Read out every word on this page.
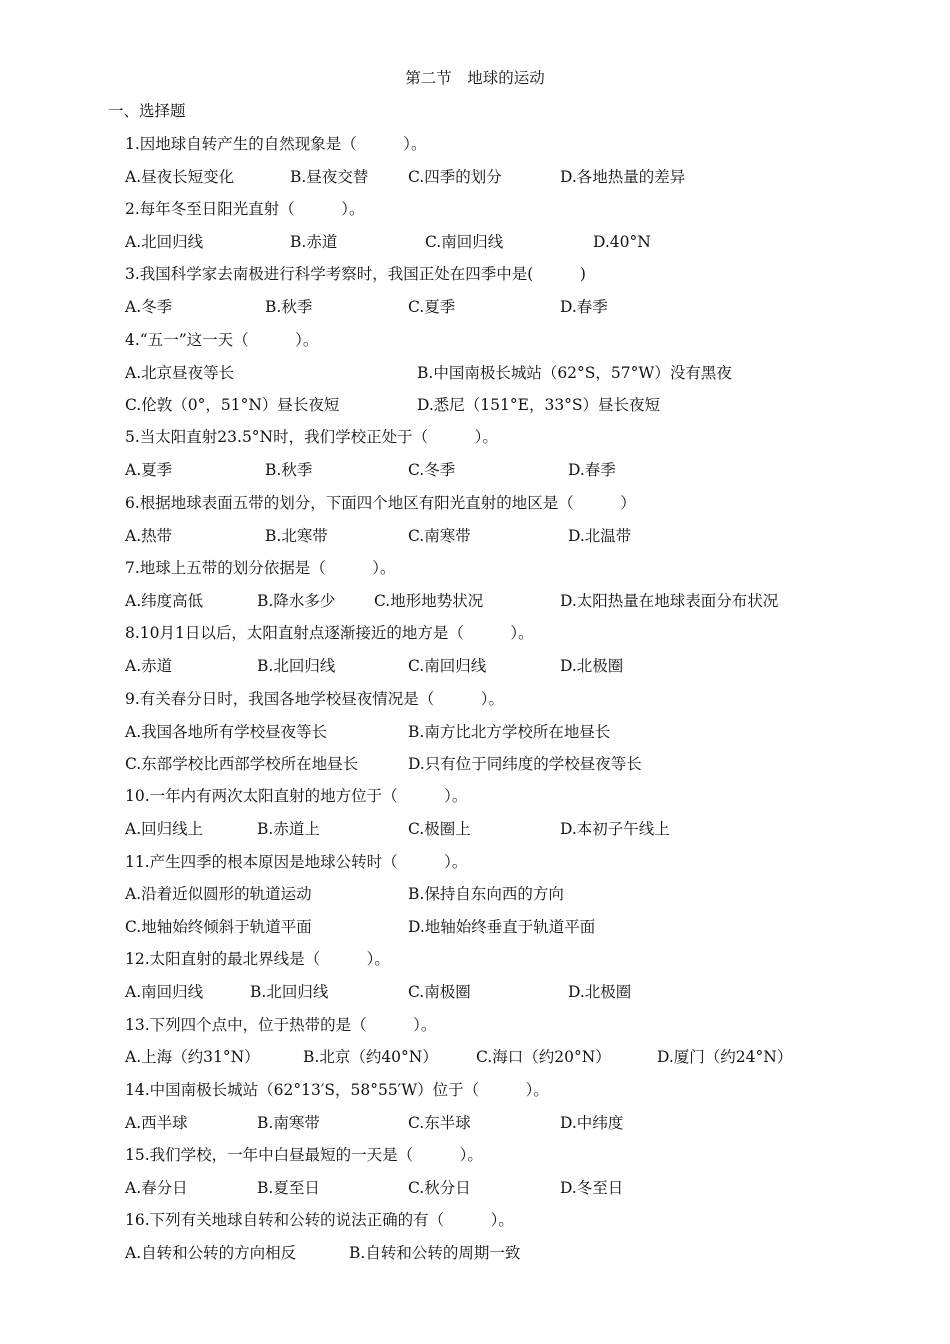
第二节　地球的运动
一、选择题
1.因地球自转产生的自然现象是（　　　）。
A.昼夜长短变化	B.昼夜交替	C.四季的划分	D.各地热量的差异
2.每年冬至日阳光直射（　　　）。
A.北回归线	B.赤道	C.南回归线	D.40°N
3.我国科学家去南极进行科学考察时，我国正处在四季中是(　　　)
A.冬季	B.秋季	C.夏季	D.春季
4.“五一”这一天（　　　）。
A.北京昼夜等长	B.中国南极长城站（62°S，57°W）没有黑夜
C.伦敦（0°，51°N）昼长夜短	D.悉尼（151°E，33°S）昼长夜短
5.当太阳直射23.5°N时，我们学校正处于（　　　）。
A.夏季	B.秋季	C.冬季	D.春季
6.根据地球表面五带的划分，下面四个地区有阳光直射的地区是（　　　）
A.热带	B.北寒带	C.南寒带	D.北温带
7.地球上五带的划分依据是（　　　）。
A.纬度高低	B.降水多少 C.地形地势状况	D.太阳热量在地球表面分布状况
8.10月1日以后，太阳直射点逐渐接近的地方是（　　　）。
A.赤道	B.北回归线	C.南回归线	D.北极圈
9.有关春分日时，我国各地学校昼夜情况是（　　　）。
A.我国各地所有学校昼夜等长	B.南方比北方学校所在地昼长
C.东部学校比西部学校所在地昼长	D.只有位于同纬度的学校昼夜等长
10.一年内有两次太阳直射的地方位于（　　　）。
A.回归线上	B.赤道上	C.极圈上	D.本初子午线上
11.产生四季的根本原因是地球公转时（　　　）。
A.沿着近似圆形的轨道运动	B.保持自东向西的方向
C.地轴始终倾斜于轨道平面	D.地轴始终垂直于轨道平面
12.太阳直射的最北界线是（　　　）。
A.南回归线	B.北回归线	C.南极圈	D.北极圈
13.下列四个点中，位于热带的是（　　　）。
A.上海（约31°N）	B.北京（约40°N） C.海口（约20°N）	D.厦门（约24°N）
14.中国南极长城站（62°13′S，58°55′W）位于（　　　）。
A.西半球	B.南寒带	C.东半球	D.中纬度
15.我们学校，一年中白昼最短的一天是（　　　）。
A.春分日	B.夏至日	C.秋分日	D.冬至日
16.下列有关地球自转和公转的说法正确的有（　　　）。
A.自转和公转的方向相反	B.自转和公转的周期一致
